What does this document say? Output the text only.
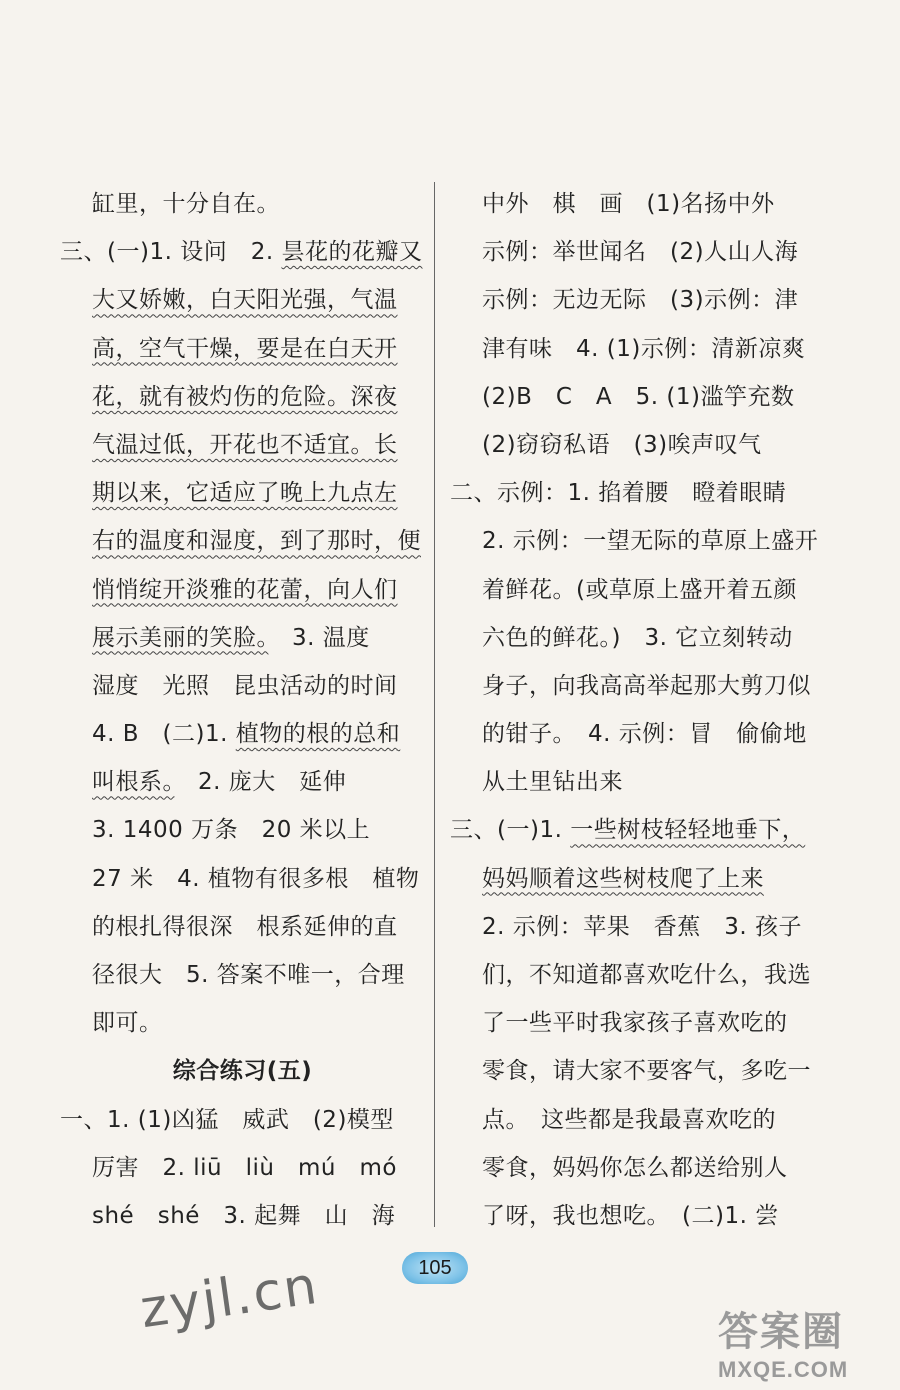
缸里，十分自在。
三、(一)1. 设问　2. 昙花的花瓣又
大又娇嫩，白天阳光强，气温
高，空气干燥，要是在白天开
花，就有被灼伤的危险。深夜
气温过低，开花也不适宜。长
期以来，它适应了晚上九点左
右的温度和湿度，到了那时，便
悄悄绽开淡雅的花蕾，向人们
展示美丽的笑脸。　3. 温度
湿度　光照　昆虫活动的时间
4. B　(二)1. 植物的根的总和
叫根系。　2. 庞大　延伸
3. 1400 万条　20 米以上
27 米　4. 植物有很多根　植物
的根扎得很深　根系延伸的直
径很大　5. 答案不唯一，合理
即可。
综合练习(五)
一、1. (1)凶猛　威武　(2)模型
厉害　2. liū　liù　mú　mó
shé　shé　3. 起舞　山　海
中外　棋　画　(1)名扬中外
示例：举世闻名　(2)人山人海
示例：无边无际　(3)示例：津
津有味　4. (1)示例：清新凉爽
(2)B　C　A　5. (1)滥竽充数
(2)窃窃私语　(3)唉声叹气
二、示例：1. 掐着腰　瞪着眼睛
2. 示例：一望无际的草原上盛开
着鲜花。(或草原上盛开着五颜
六色的鲜花。)　3. 它立刻转动
身子，向我高高举起那大剪刀似
的钳子。　4. 示例：冒　偷偷地
从土里钻出来
三、(一)1. 一些树枝轻轻地垂下，
妈妈顺着这些树枝爬了上来
2. 示例：苹果　香蕉　3. 孩子
们，不知道都喜欢吃什么，我选
了一些平时我家孩子喜欢吃的
零食，请大家不要客气，多吃一
点。　这些都是我最喜欢吃的
零食，妈妈你怎么都送给别人
了呀，我也想吃。　(二)1. 尝
105
zyjl.cn	答案圈
MXQE.COM
